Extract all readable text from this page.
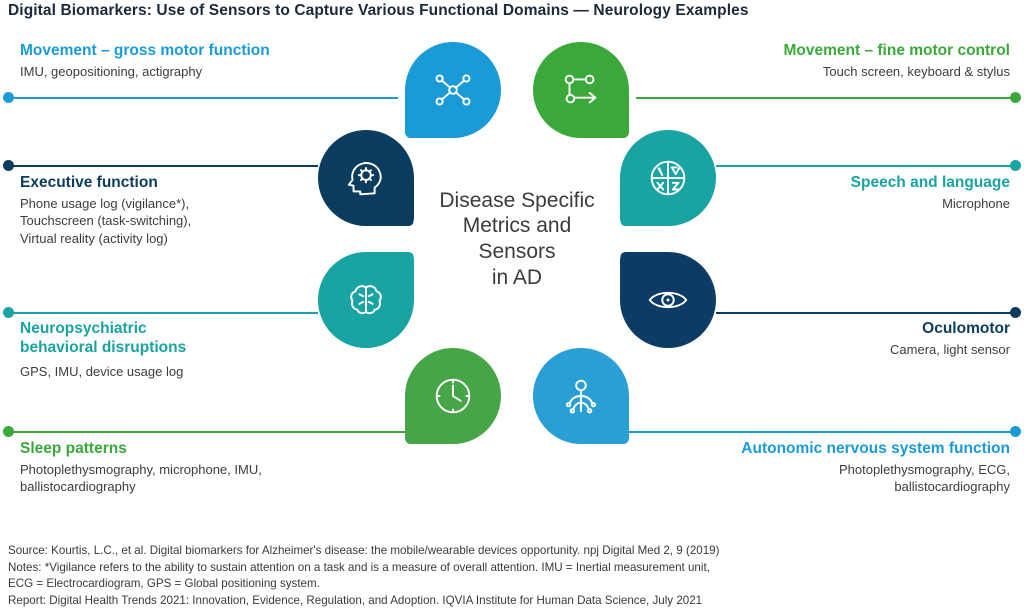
Digital Biomarkers: Use of Sensors to Capture Various Functional Domains — Neurology Examples
Disease Specific
Metrics and
Sensors
in AD
Movement – gross motor function
IMU, geopositioning, actigraphy
Movement – fine motor control
Touch screen, keyboard & stylus
Executive function
Phone usage log (vigilance*),
Touchscreen (task-switching),
Virtual reality (activity log)
Speech and language
Microphone
Neuropsychiatric
behavioral disruptions
GPS, IMU, device usage log
Oculomotor
Camera, light sensor
Sleep patterns
Photoplethysmography, microphone, IMU,
ballistocardiography
Autonomic nervous system function
Photoplethysmography, ECG,
ballistocardiography
Source: Kourtis, L.C., et al. Digital biomarkers for Alzheimer's disease: the mobile/wearable devices opportunity. npj Digital Med 2, 9 (2019)
Notes: *Vigilance refers to the ability to sustain attention on a task and is a measure of overall attention. IMU = Inertial measurement unit,
ECG = Electrocardiogram, GPS = Global positioning system.
Report: Digital Health Trends 2021: Innovation, Evidence, Regulation, and Adoption. IQVIA Institute for Human Data Science, July 2021
